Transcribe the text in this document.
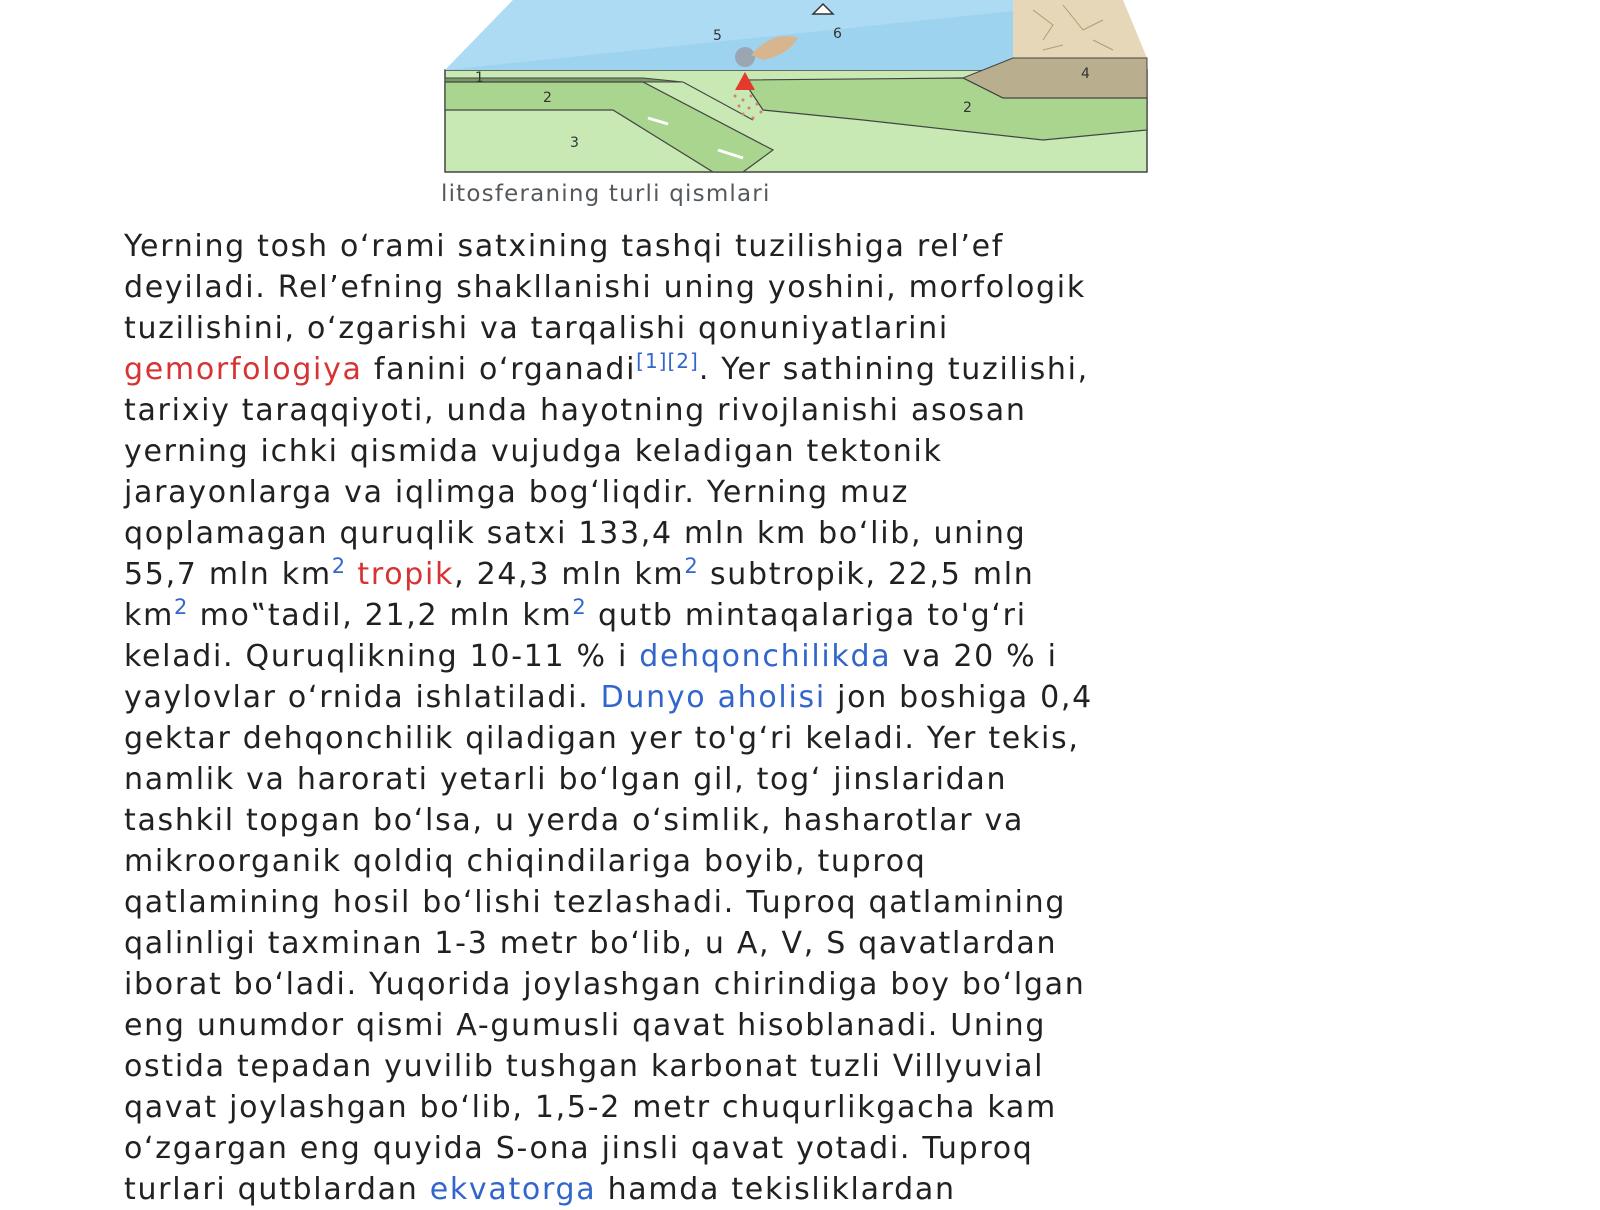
1
2
3
4
5	6
2
litosferaning turli qismlari
Yerning tosh o‘rami satxining tashqi tuzilishiga rel’ef
deyiladi. Rel’efning shakllanishi uning yoshini, morfologik
tuzilishini, o‘zgarishi va tarqalishi qonuniyatlarini
gemorfologiya fanini o‘rganadi[1][2]. Yer sathining tuzilishi,
tarixiy taraqqiyoti, unda hayotning rivojlanishi asosan
yerning ichki qismida vujudga keladigan tektonik
jarayonlarga va iqlimga bog‘liqdir. Yerning muz
qoplamagan quruqlik satxi 133,4 mln km bo‘lib, uning
55,7 mln $km^2$ tropik, 24,3 mln $km^2$ subtropik, 22,5 mln
$km^2$ mo‟tadil, 21,2 mln $km^2$ qutb mintaqalariga to'g‘ri
keladi. Quruqlikning 10-11 % i dehqonchilikda va 20 % i
yaylovlar o‘rnida ishlatiladi. Dunyo aholisi jon boshiga 0,4
gektar dehqonchilik qiladigan yer to'g‘ri keladi. Yer tekis,
namlik va harorati yetarli bo‘lgan gil, tog‘ jinslaridan
tashkil topgan bo‘lsa, u yerda o‘simlik, hasharotlar va
mikroorganik qoldiq chiqindilariga boyib, tuproq
qatlamining hosil bo‘lishi tezlashadi. Tuproq qatlamining
qalinligi taxminan 1-3 metr bo‘lib, u A, V, S qavatlardan
iborat bo‘ladi. Yuqorida joylashgan chirindiga boy bo‘lgan
eng unumdor qismi A-gumusli qavat hisoblanadi. Uning
ostida tepadan yuvilib tushgan karbonat tuzli Villyuvial
qavat joylashgan bo‘lib, 1,5-2 metr chuqurlikgacha kam
o‘zgargan eng quyida S-ona jinsli qavat yotadi. Tuproq
turlari qutblardan ekvatorga hamda tekisliklardan
